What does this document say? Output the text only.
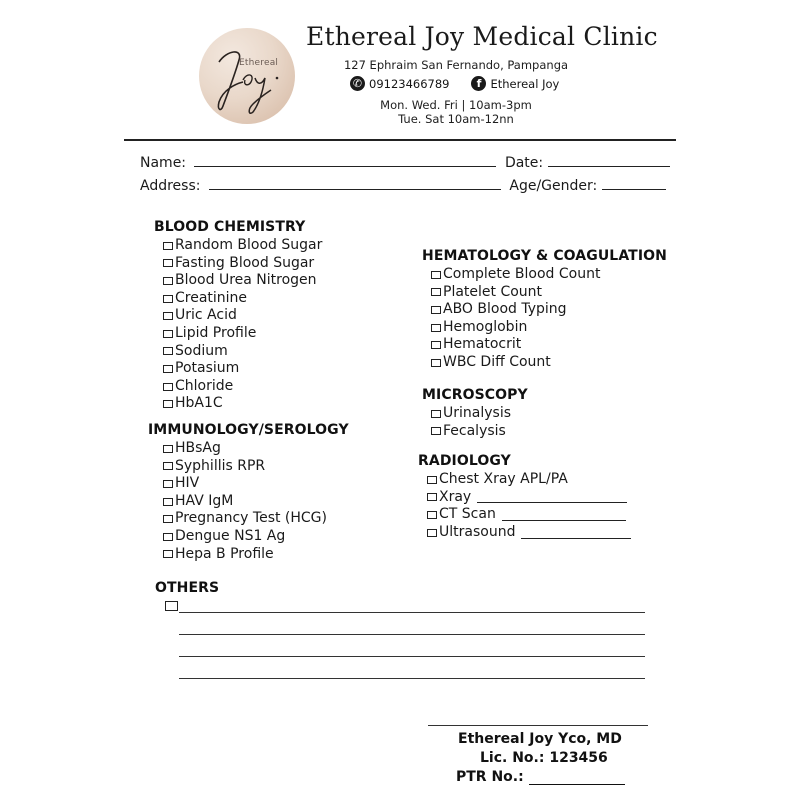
Ethereal
Ethereal Joy Medical Clinic
127 Ephraim San Fernando, Pampanga
✆ 09123466789	f Ethereal Joy
Mon. Wed. Fri | 10am-3pm
Tue. Sat 10am-12nn
Name:	Date:
Address:	Age/Gender:
BLOOD CHEMISTRY
Random Blood Sugar
Fasting Blood Sugar
Blood Urea Nitrogen
Creatinine
Uric Acid
Lipid Profile
Sodium
Potasium
Chloride
HbA1C
IMMUNOLOGY/SEROLOGY
HBsAg
Syphillis RPR
HIV
HAV IgM
Pregnancy Test (HCG)
Dengue NS1 Ag
Hepa B Profile
HEMATOLOGY & COAGULATION
Complete Blood Count
Platelet Count
ABO Blood Typing
Hemoglobin
Hematocrit
WBC Diff Count
MICROSCOPY
Urinalysis
Fecalysis
RADIOLOGY
Chest Xray APL/PA
Xray
CT Scan
Ultrasound
OTHERS
Ethereal Joy Yco, MD
Lic. No.: 123456
PTR No.:
